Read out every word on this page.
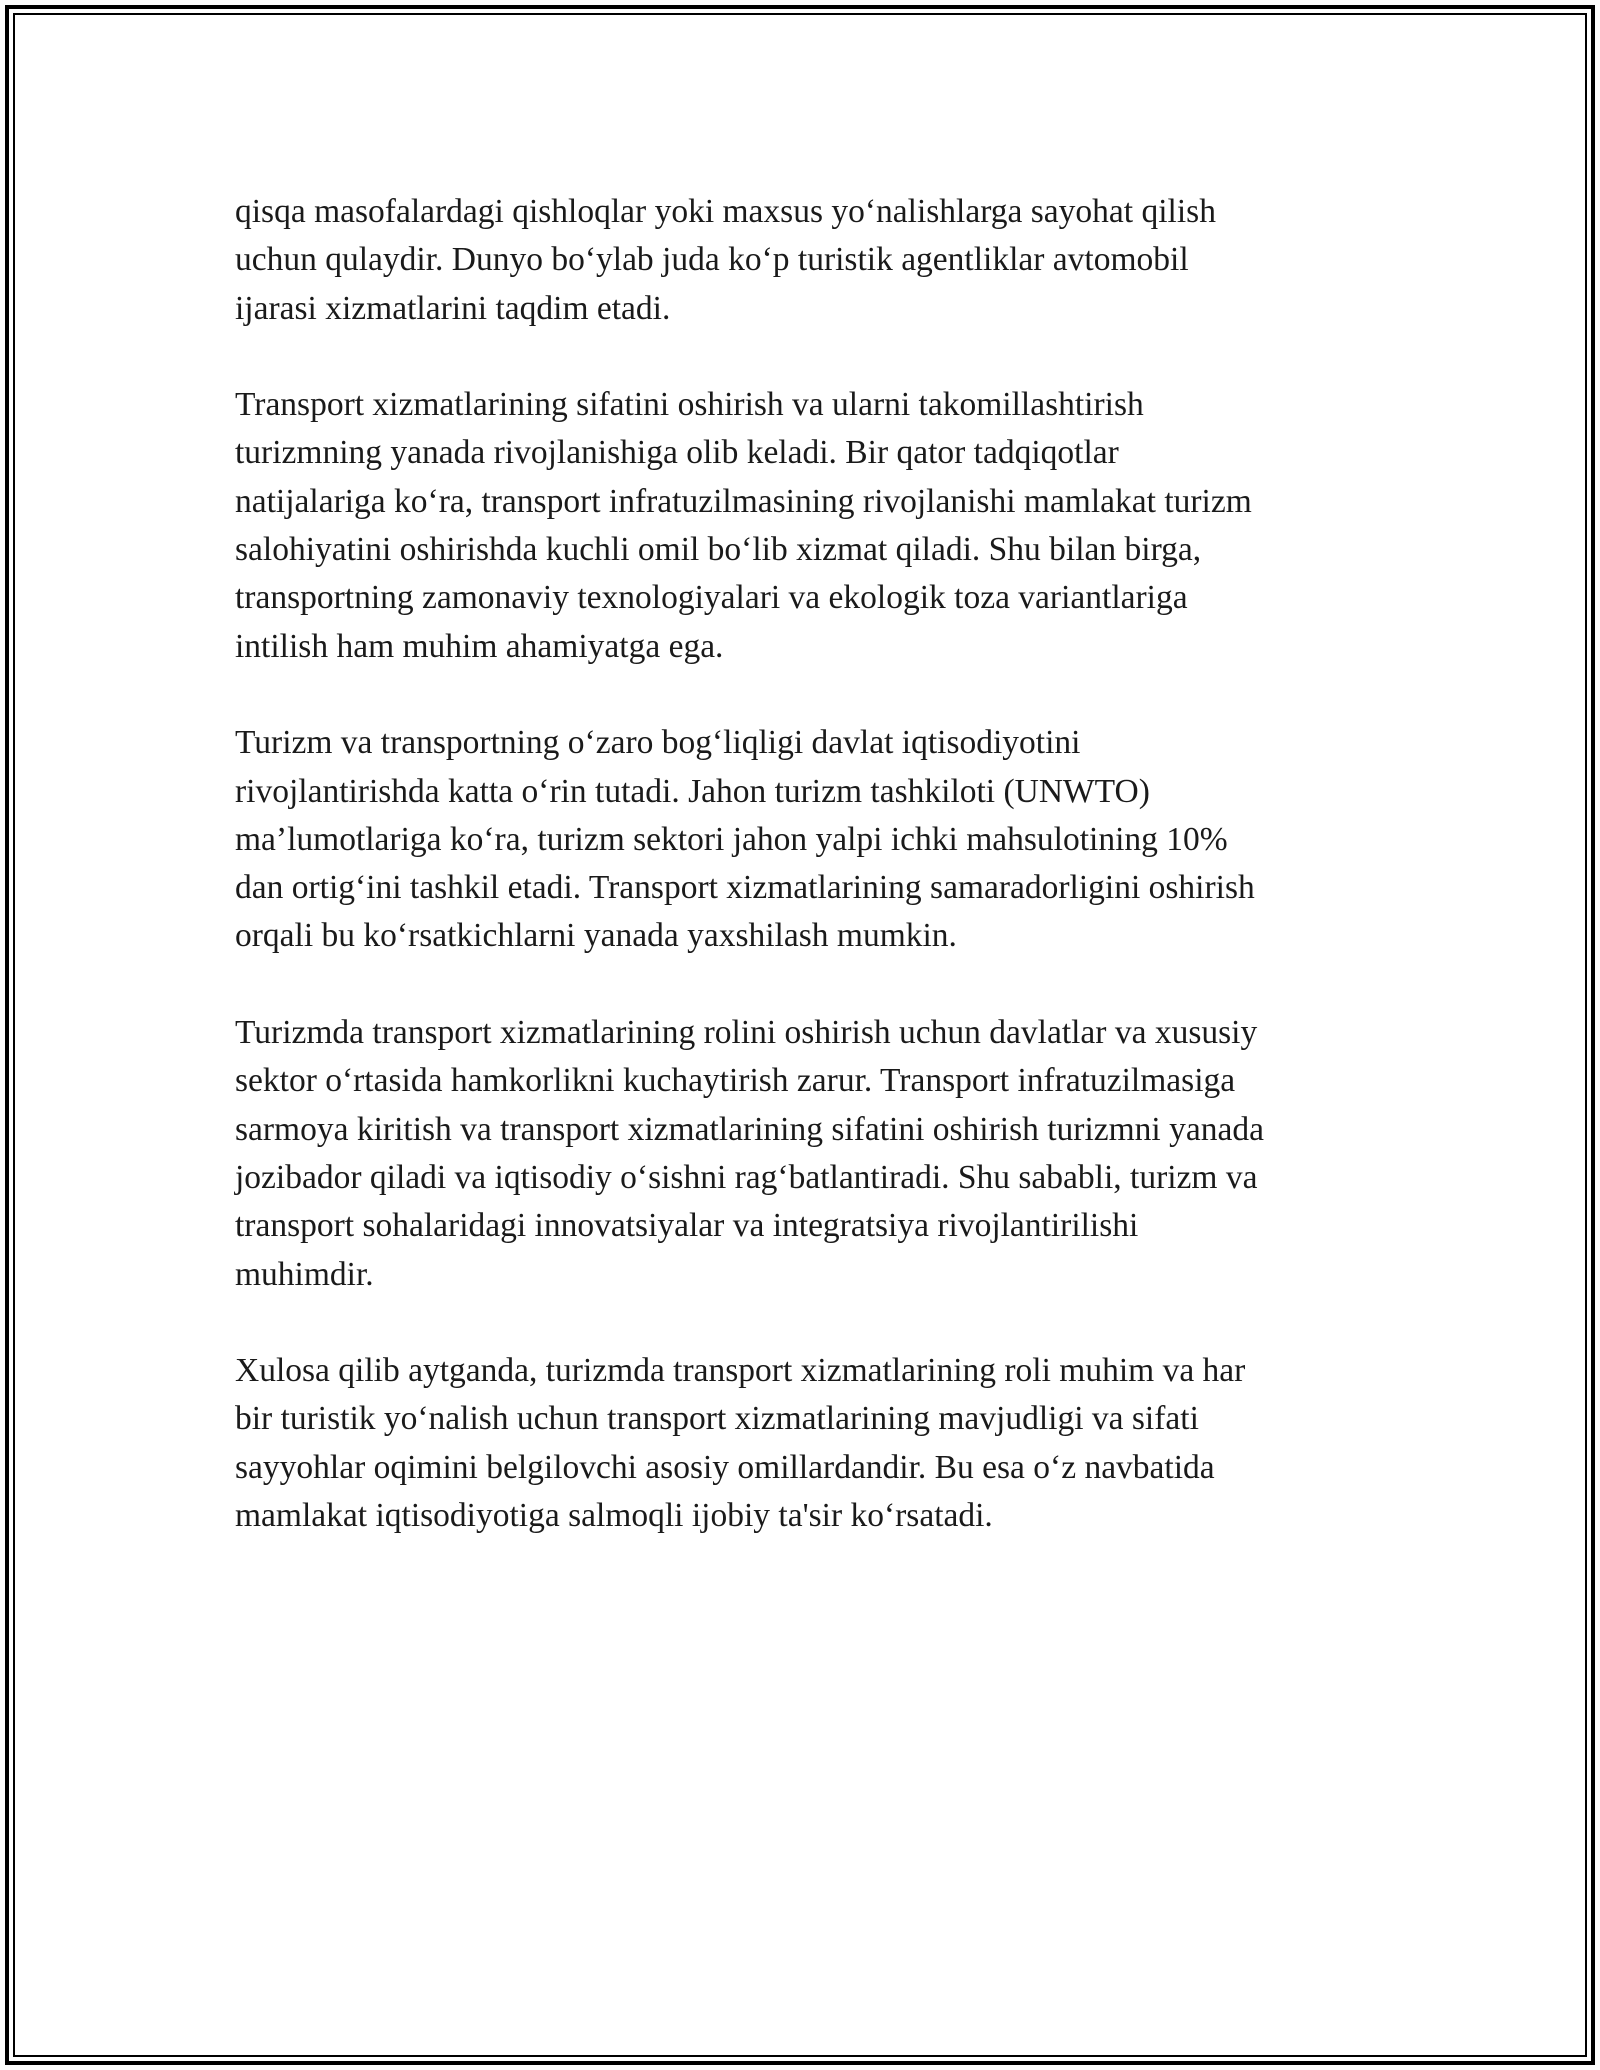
qisqa masofalardagi qishloqlar yoki maxsus yoʻnalishlarga sayohat qilish
uchun qulaydir. Dunyo boʻylab juda koʻp turistik agentliklar avtomobil
ijarasi xizmatlarini taqdim etadi.

Transport xizmatlarining sifatini oshirish va ularni takomillashtirish
turizmning yanada rivojlanishiga olib keladi. Bir qator tadqiqotlar
natijalariga koʻra, transport infratuzilmasining rivojlanishi mamlakat turizm
salohiyatini oshirishda kuchli omil boʻlib xizmat qiladi. Shu bilan birga,
transportning zamonaviy texnologiyalari va ekologik toza variantlariga
intilish ham muhim ahamiyatga ega.

Turizm va transportning oʻzaro bogʻliqligi davlat iqtisodiyotini
rivojlantirishda katta oʻrin tutadi. Jahon turizm tashkiloti (UNWTO)
ma’lumotlariga koʻra, turizm sektori jahon yalpi ichki mahsulotining 10%
dan ortigʻini tashkil etadi. Transport xizmatlarining samaradorligini oshirish
orqali bu koʻrsatkichlarni yanada yaxshilash mumkin.

Turizmda transport xizmatlarining rolini oshirish uchun davlatlar va xususiy
sektor oʻrtasida hamkorlikni kuchaytirish zarur. Transport infratuzilmasiga
sarmoya kiritish va transport xizmatlarining sifatini oshirish turizmni yanada
jozibador qiladi va iqtisodiy oʻsishni ragʻbatlantiradi. Shu sababli, turizm va
transport sohalaridagi innovatsiyalar va integratsiya rivojlantirilishi
muhimdir.

Xulosa qilib aytganda, turizmda transport xizmatlarining roli muhim va har
bir turistik yoʻnalish uchun transport xizmatlarining mavjudligi va sifati
sayyohlar oqimini belgilovchi asosiy omillardandir. Bu esa oʻz navbatida
mamlakat iqtisodiyotiga salmoqli ijobiy ta'sir koʻrsatadi.
